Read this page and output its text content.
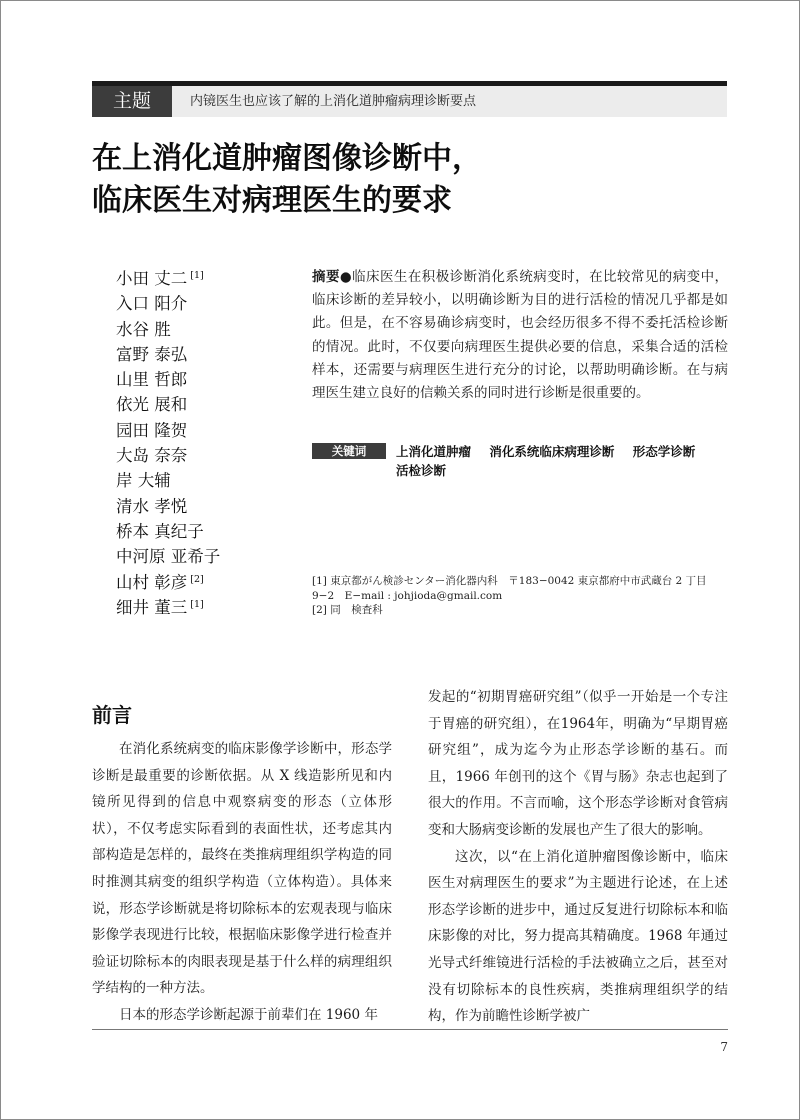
主题	内镜医生也应该了解的上消化道肿瘤病理诊断要点
在上消化道肿瘤图像诊断中，
临床医生对病理医生的要求
小田 丈二 [1]
入口 阳介
水谷 胜
富野 泰弘
山里 哲郎
依光 展和
园田 隆贺
大岛 奈奈
岸 大辅
清水 孝悦
桥本 真纪子
中河原 亚希子
山村 彰彦 [2]
细井 董三 [1]
摘要●临床医生在积极诊断消化系统病变时，在比较常见的病变中，临床诊断的差异较小，以明确诊断为目的进行活检的情况几乎都是如此。但是，在不容易确诊病变时，也会经历很多不得不委托活检诊断的情况。此时，不仅要向病理医生提供必要的信息，采集合适的活检样本，还需要与病理医生进行充分的讨论，以帮助明确诊断。在与病理医生建立良好的信赖关系的同时进行诊断是很重要的。
关键词	上消化道肿瘤 消化系统临床病理诊断 形态学诊断 活检诊断
[1] 東京都がん検診センター消化器内科　〒183−0042 東京都府中市武蔵台 2 丁目 9−2　E−mail : johjioda@gmail.com
[2] 同　検査科
前言

在消化系统病变的临床影像学诊断中，形态学诊断是最重要的诊断依据。从 X 线造影所见和内镜所见得到的信息中观察病变的形态（立体形状），不仅考虑实际看到的表面性状，还考虑其内部构造是怎样的，最终在类推病理组织学构造的同时推测其病变的组织学构造（立体构造）。具体来说，形态学诊断就是将切除标本的宏观表现与临床影像学表现进行比较，根据临床影像学进行检查并验证切除标本的肉眼表现是基于什么样的病理组织学结构的一种方法。

日本的形态学诊断起源于前辈们在 1960 年

发起的“初期胃癌研究组”（似乎一开始是一个专注于胃癌的研究组），在1964年，明确为“早期胃癌研究组”，成为迄今为止形态学诊断的基石。而且，1966 年创刊的这个《胃与肠》杂志也起到了很大的作用。不言而喻，这个形态学诊断对食管病变和大肠病变诊断的发展也产生了很大的影响。

这次，以“在上消化道肿瘤图像诊断中，临床医生对病理医生的要求”为主题进行论述，在上述形态学诊断的进步中，通过反复进行切除标本和临床影像的对比，努力提高其精确度。1968 年通过光导式纤维镜进行活检的手法被确立之后，甚至对没有切除标本的良性疾病，类推病理组织学的结构，作为前瞻性诊断学被广

7
